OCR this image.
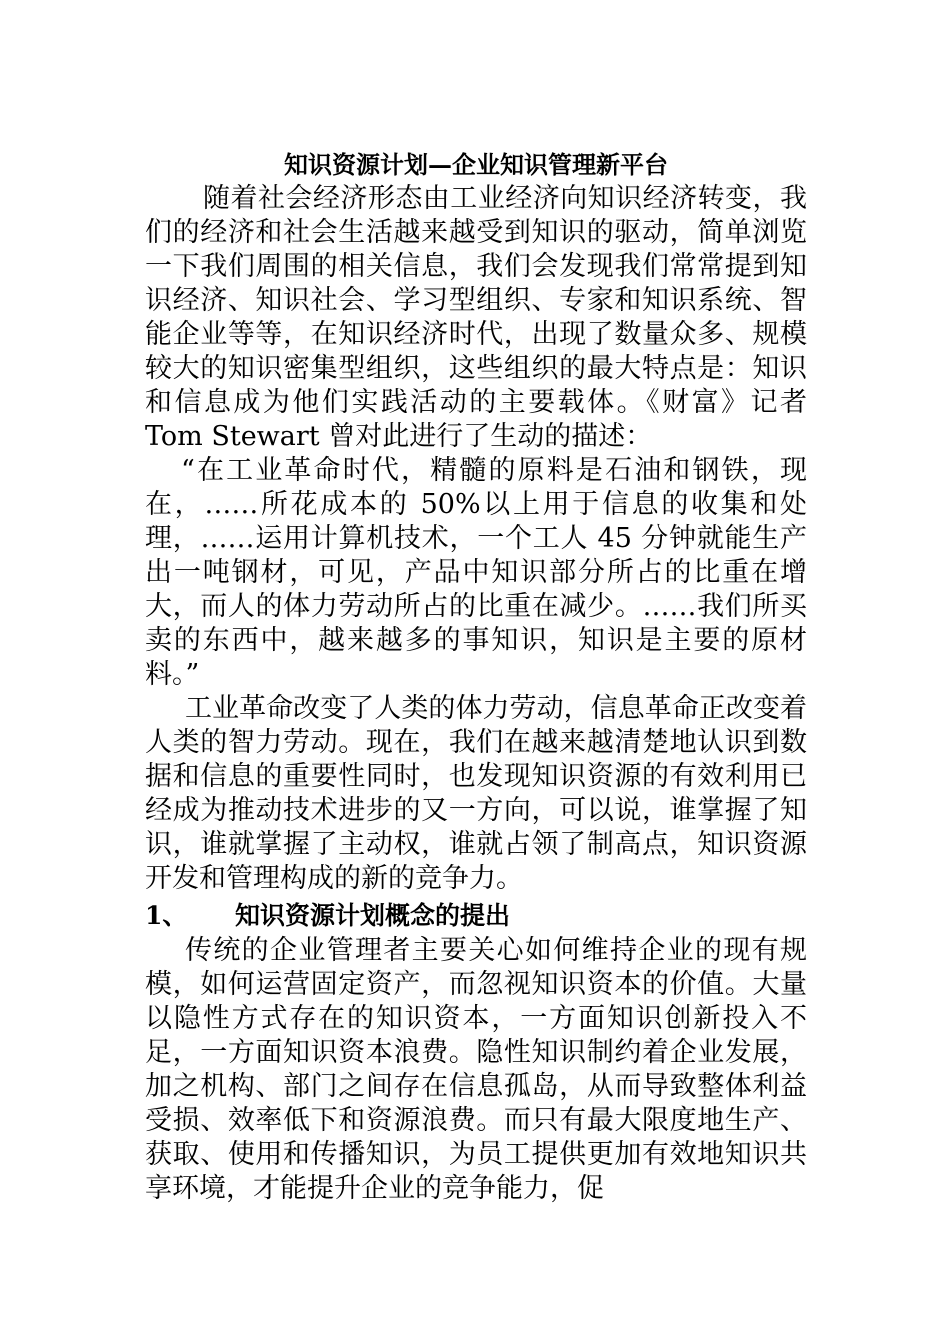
知识资源计划—企业知识管理新平台

随着社会经济形态由工业经济向知识经济转变，我们的经济和社会生活越来越受到知识的驱动，简单浏览一下我们周围的相关信息，我们会发现我们常常提到知识经济、知识社会、学习型组织、专家和知识系统、智能企业等等，在知识经济时代，出现了数量众多、规模较大的知识密集型组织，这些组织的最大特点是：知识和信息成为他们实践活动的主要载体。《财富》记者 Tom Stewart 曾对此进行了生动的描述：

“在工业革命时代，精髓的原料是石油和钢铁，现在，……所花成本的 50%以上用于信息的收集和处理，……运用计算机技术，一个工人 45 分钟就能生产出一吨钢材，可见，产品中知识部分所占的比重在增大，而人的体力劳动所占的比重在减少。……我们所买卖的东西中，越来越多的事知识，知识是主要的原材料。”

工业革命改变了人类的体力劳动，信息革命正改变着人类的智力劳动。现在，我们在越来越清楚地认识到数据和信息的重要性同时，也发现知识资源的有效利用已经成为推动技术进步的又一方向，可以说，谁掌握了知识，谁就掌握了主动权，谁就占领了制高点，知识资源开发和管理构成的新的竞争力。

1、	知识资源计划概念的提出

传统的企业管理者主要关心如何维持企业的现有规模，如何运营固定资产，而忽视知识资本的价值。大量以隐性方式存在的知识资本，一方面知识创新投入不足，一方面知识资本浪费。隐性知识制约着企业发展，加之机构、部门之间存在信息孤岛，从而导致整体利益受损、效率低下和资源浪费。而只有最大限度地生产、获取、使用和传播知识，为员工提供更加有效地知识共享环境，才能提升企业的竞争能力，促
